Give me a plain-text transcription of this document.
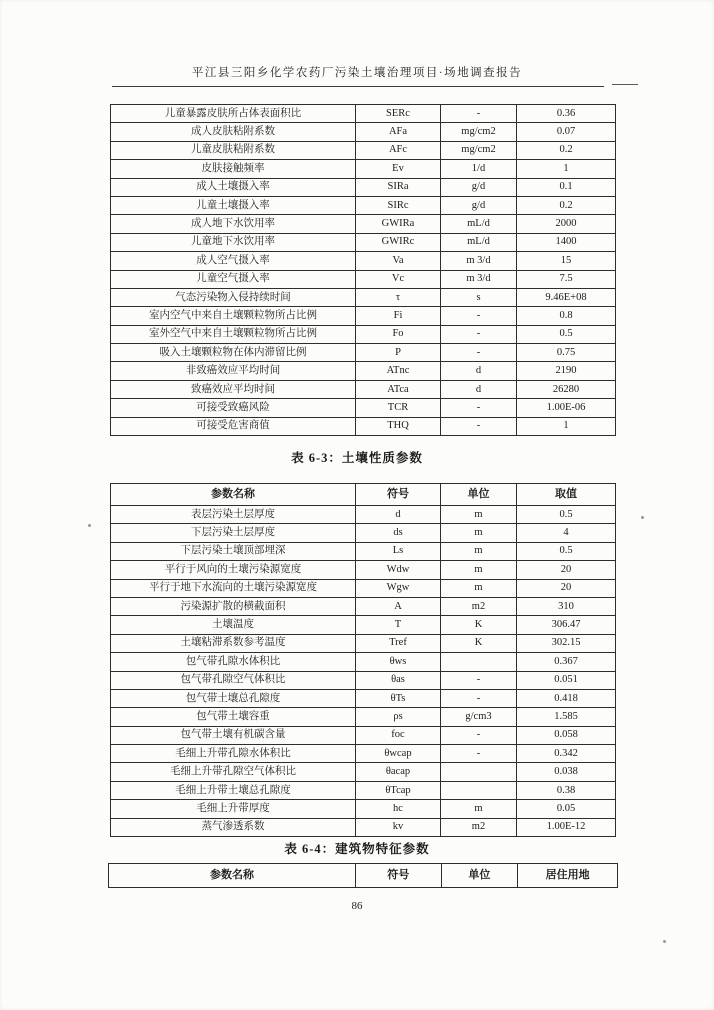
平江县三阳乡化学农药厂污染土壤治理项目·场地调查报告
儿童暴露皮肤所占体表面积比	SERc	-	0.36
成人皮肤粘附系数	AFa	mg/cm2	0.07
儿童皮肤粘附系数	AFc	mg/cm2	0.2
皮肤接触频率	Ev	1/d	1
成人土壤摄入率	SIRa	g/d	0.1
儿童土壤摄入率	SIRc	g/d	0.2
成人地下水饮用率	GWIRa	mL/d	2000
儿童地下水饮用率	GWIRc	mL/d	1400
成人空气摄入率	Va	m 3/d	15
儿童空气摄入率	Vc	m 3/d	7.5
气态污染物入侵持续时间	τ	s	9.46E+08
室内空气中来自土壤颗粒物所占比例	Fi	-	0.8
室外空气中来自土壤颗粒物所占比例	Fo	-	0.5
吸入土壤颗粒物在体内滞留比例	P	-	0.75
非致癌效应平均时间	ATnc	d	2190
致癌效应平均时间	ATca	d	26280
可接受致癌风险	TCR	-	1.00E-06
可接受危害商值	THQ	-	1
表 6-3：土壤性质参数
参数名称	符号	单位	取值
表层污染土层厚度	d	m	0.5
下层污染土层厚度	ds	m	4
下层污染土壤顶部埋深	Ls	m	0.5
平行于风向的土壤污染源宽度	Wdw	m	20
平行于地下水流向的土壤污染源宽度	Wgw	m	20
污染源扩散的横截面积	A	m2	310
土壤温度	T	K	306.47
土壤粘滞系数参考温度	Tref	K	302.15
包气带孔隙水体积比	θws		0.367
包气带孔隙空气体积比	θas	-	0.051
包气带土壤总孔隙度	θTs	-	0.418
包气带土壤容重	ρs	g/cm3	1.585
包气带土壤有机碳含量	foc	-	0.058
毛细上升带孔隙水体积比	θwcap	-	0.342
毛细上升带孔隙空气体积比	θacap		0.038
毛细上升带土壤总孔隙度	θTcap		0.38
毛细上升带厚度	hc	m	0.05
蒸气渗透系数	kv	m2	1.00E-12
表 6-4：建筑物特征参数
参数名称	符号	单位	居住用地
86
